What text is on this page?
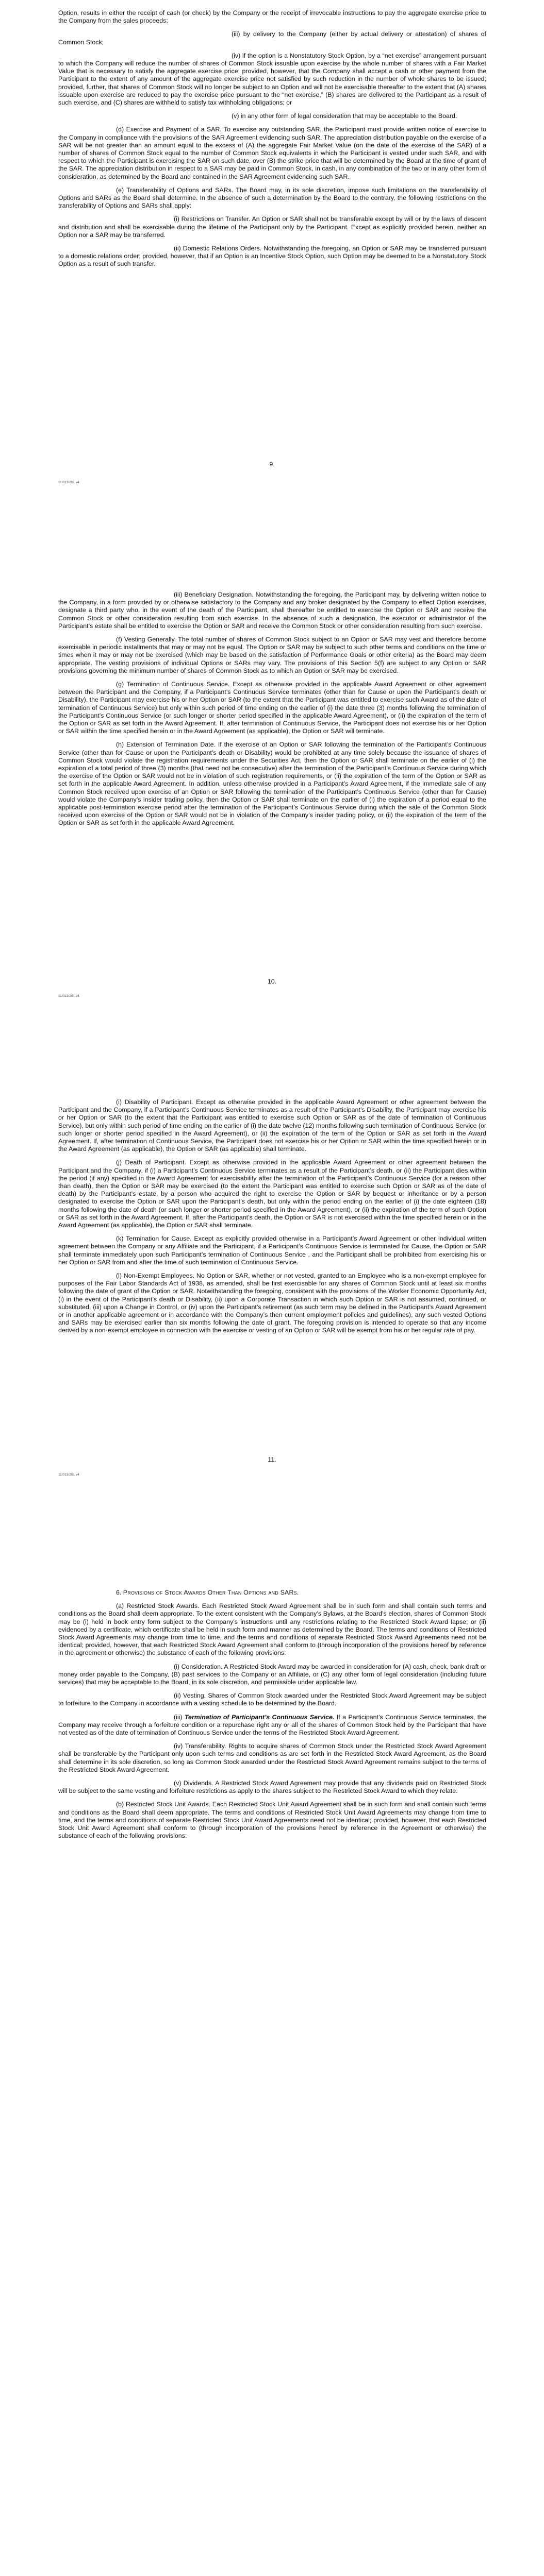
Option, results in either the receipt of cash (or check) by the Company or the receipt of irrevocable instructions to pay the aggregate exercise price to the Company from the sales proceeds;

(iii) by delivery to the Company (either by actual delivery or attestation) of shares of Common Stock;

(iv) if the option is a Nonstatutory Stock Option, by a “net exercise” arrangement pursuant to which the Company will reduce the number of shares of Common Stock issuable upon exercise by the whole number of shares with a Fair Market Value that is necessary to satisfy the aggregate exercise price; provided, however, that the Company shall accept a cash or other payment from the Participant to the extent of any amount of the aggregate exercise price not satisfied by such reduction in the number of whole shares to be issued; provided, further, that shares of Common Stock will no longer be subject to an Option and will not be exercisable thereafter to the extent that (A) shares issuable upon exercise are reduced to pay the exercise price pursuant to the “net exercise,” (B) shares are delivered to the Participant as a result of such exercise, and (C) shares are withheld to satisfy tax withholding obligations; or

(v) in any other form of legal consideration that may be acceptable to the Board.

(d) Exercise and Payment of a SAR. To exercise any outstanding SAR, the Participant must provide written notice of exercise to the Company in compliance with the provisions of the SAR Agreement evidencing such SAR. The appreciation distribution payable on the exercise of a SAR will be not greater than an amount equal to the excess of (A) the aggregate Fair Market Value (on the date of the exercise of the SAR) of a number of shares of Common Stock equal to the number of Common Stock equivalents in which the Participant is vested under such SAR, and with respect to which the Participant is exercising the SAR on such date, over (B) the strike price that will be determined by the Board at the time of grant of the SAR. The appreciation distribution in respect to a SAR may be paid in Common Stock, in cash, in any combination of the two or in any other form of consideration, as determined by the Board and contained in the SAR Agreement evidencing such SAR.

(e) Transferability of Options and SARs. The Board may, in its sole discretion, impose such limitations on the transferability of Options and SARs as the Board shall determine. In the absence of such a determination by the Board to the contrary, the following restrictions on the transferability of Options and SARs shall apply:

(i) Restrictions on Transfer. An Option or SAR shall not be transferable except by will or by the laws of descent and distribution and shall be exercisable during the lifetime of the Participant only by the Participant. Except as explicitly provided herein, neither an Option nor a SAR may be transferred.

(ii) Domestic Relations Orders. Notwithstanding the foregoing, an Option or SAR may be transferred pursuant to a domestic relations order; provided, however, that if an Option is an Incentive Stock Option, such Option may be deemed to be a Nonstatutory Stock Option as a result of such transfer.

9.
11/013/201 v4

(iii) Beneficiary Designation. Notwithstanding the foregoing, the Participant may, by delivering written notice to the Company, in a form provided by or otherwise satisfactory to the Company and any broker designated by the Company to effect Option exercises, designate a third party who, in the event of the death of the Participant, shall thereafter be entitled to exercise the Option or SAR and receive the Common Stock or other consideration resulting from such exercise. In the absence of such a designation, the executor or administrator of the Participant’s estate shall be entitled to exercise the Option or SAR and receive the Common Stock or other consideration resulting from such exercise.

(f) Vesting Generally. The total number of shares of Common Stock subject to an Option or SAR may vest and therefore become exercisable in periodic installments that may or may not be equal. The Option or SAR may be subject to such other terms and conditions on the time or times when it may or may not be exercised (which may be based on the satisfaction of Performance Goals or other criteria) as the Board may deem appropriate. The vesting provisions of individual Options or SARs may vary. The provisions of this Section 5(f) are subject to any Option or SAR provisions governing the minimum number of shares of Common Stock as to which an Option or SAR may be exercised.

(g) Termination of Continuous Service. Except as otherwise provided in the applicable Award Agreement or other agreement between the Participant and the Company, if a Participant’s Continuous Service terminates (other than for Cause or upon the Participant’s death or Disability), the Participant may exercise his or her Option or SAR (to the extent that the Participant was entitled to exercise such Award as of the date of termination of Continuous Service) but only within such period of time ending on the earlier of (i) the date three (3) months following the termination of the Participant’s Continuous Service (or such longer or shorter period specified in the applicable Award Agreement), or (ii) the expiration of the term of the Option or SAR as set forth in the Award Agreement. If, after termination of Continuous Service, the Participant does not exercise his or her Option or SAR within the time specified herein or in the Award Agreement (as applicable), the Option or SAR will terminate.

(h) Extension of Termination Date. If the exercise of an Option or SAR following the termination of the Participant’s Continuous Service (other than for Cause or upon the Participant’s death or Disability) would be prohibited at any time solely because the issuance of shares of Common Stock would violate the registration requirements under the Securities Act, then the Option or SAR shall terminate on the earlier of (i) the expiration of a total period of three (3) months (that need not be consecutive) after the termination of the Participant’s Continuous Service during which the exercise of the Option or SAR would not be in violation of such registration requirements, or (ii) the expiration of the term of the Option or SAR as set forth in the applicable Award Agreement. In addition, unless otherwise provided in a Participant’s Award Agreement, if the immediate sale of any Common Stock received upon exercise of an Option or SAR following the termination of the Participant’s Continuous Service (other than for Cause) would violate the Company’s insider trading policy, then the Option or SAR shall terminate on the earlier of (i) the expiration of a period equal to the applicable post-termination exercise period after the termination of the Participant’s Continuous Service during which the sale of the Common Stock received upon exercise of the Option or SAR would not be in violation of the Company’s insider trading policy, or (ii) the expiration of the term of the Option or SAR as set forth in the applicable Award Agreement.

10.
11/013/201 v4

(i) Disability of Participant. Except as otherwise provided in the applicable Award Agreement or other agreement between the Participant and the Company, if a Participant’s Continuous Service terminates as a result of the Participant’s Disability, the Participant may exercise his or her Option or SAR (to the extent that the Participant was entitled to exercise such Option or SAR as of the date of termination of Continuous Service), but only within such period of time ending on the earlier of (i) the date twelve (12) months following such termination of Continuous Service (or such longer or shorter period specified in the Award Agreement), or (ii) the expiration of the term of the Option or SAR as set forth in the Award Agreement. If, after termination of Continuous Service, the Participant does not exercise his or her Option or SAR within the time specified herein or in the Award Agreement (as applicable), the Option or SAR (as applicable) shall terminate.

(j) Death of Participant. Except as otherwise provided in the applicable Award Agreement or other agreement between the Participant and the Company, if (i) a Participant’s Continuous Service terminates as a result of the Participant’s death, or (ii) the Participant dies within the period (if any) specified in the Award Agreement for exercisability after the termination of the Participant’s Continuous Service (for a reason other than death), then the Option or SAR may be exercised (to the extent the Participant was entitled to exercise such Option or SAR as of the date of death) by the Participant’s estate, by a person who acquired the right to exercise the Option or SAR by bequest or inheritance or by a person designated to exercise the Option or SAR upon the Participant’s death, but only within the period ending on the earlier of (i) the date eighteen (18) months following the date of death (or such longer or shorter period specified in the Award Agreement), or (ii) the expiration of the term of such Option or SAR as set forth in the Award Agreement. If, after the Participant’s death, the Option or SAR is not exercised within the time specified herein or in the Award Agreement (as applicable), the Option or SAR shall terminate.

(k) Termination for Cause. Except as explicitly provided otherwise in a Participant’s Award Agreement or other individual written agreement between the Company or any Affiliate and the Participant, if a Participant’s Continuous Service is terminated for Cause, the Option or SAR shall terminate immediately upon such Participant’s termination of Continuous Service , and the Participant shall be prohibited from exercising his or her Option or SAR from and after the time of such termination of Continuous Service.

(l) Non-Exempt Employees. No Option or SAR, whether or not vested, granted to an Employee who is a non-exempt employee for purposes of the Fair Labor Standards Act of 1938, as amended, shall be first exercisable for any shares of Common Stock until at least six months following the date of grant of the Option or SAR. Notwithstanding the foregoing, consistent with the provisions of the Worker Economic Opportunity Act, (i) in the event of the Participant’s death or Disability, (ii) upon a Corporate Transaction in which such Option or SAR is not assumed, continued, or substituted, (iii) upon a Change in Control, or (iv) upon the Participant’s retirement (as such term may be defined in the Participant’s Award Agreement or in another applicable agreement or in accordance with the Company’s then current employment policies and guidelines), any such vested Options and SARs may be exercised earlier than six months following the date of grant. The foregoing provision is intended to operate so that any income derived by a non-exempt employee in connection with the exercise or vesting of an Option or SAR will be exempt from his or her regular rate of pay.

11.
11/013/201 v4

6. Provisions of Stock Awards Other Than Options and SARs.

(a) Restricted Stock Awards. Each Restricted Stock Award Agreement shall be in such form and shall contain such terms and conditions as the Board shall deem appropriate. To the extent consistent with the Company’s Bylaws, at the Board’s election, shares of Common Stock may be (i) held in book entry form subject to the Company’s instructions until any restrictions relating to the Restricted Stock Award lapse; or (ii) evidenced by a certificate, which certificate shall be held in such form and manner as determined by the Board. The terms and conditions of Restricted Stock Award Agreements may change from time to time, and the terms and conditions of separate Restricted Stock Award Agreements need not be identical; provided, however, that each Restricted Stock Award Agreement shall conform to (through incorporation of the provisions hereof by reference in the agreement or otherwise) the substance of each of the following provisions:

(i) Consideration. A Restricted Stock Award may be awarded in consideration for (A) cash, check, bank draft or money order payable to the Company, (B) past services to the Company or an Affiliate, or (C) any other form of legal consideration (including future services) that may be acceptable to the Board, in its sole discretion, and permissible under applicable law.

(ii) Vesting. Shares of Common Stock awarded under the Restricted Stock Award Agreement may be subject to forfeiture to the Company in accordance with a vesting schedule to be determined by the Board.

(iii) Termination of Participant’s Continuous Service. If a Participant’s Continuous Service terminates, the Company may receive through a forfeiture condition or a repurchase right any or all of the shares of Common Stock held by the Participant that have not vested as of the date of termination of Continuous Service under the terms of the Restricted Stock Award Agreement.

(iv) Transferability. Rights to acquire shares of Common Stock under the Restricted Stock Award Agreement shall be transferable by the Participant only upon such terms and conditions as are set forth in the Restricted Stock Award Agreement, as the Board shall determine in its sole discretion, so long as Common Stock awarded under the Restricted Stock Award Agreement remains subject to the terms of the Restricted Stock Award Agreement.

(v) Dividends. A Restricted Stock Award Agreement may provide that any dividends paid on Restricted Stock will be subject to the same vesting and forfeiture restrictions as apply to the shares subject to the Restricted Stock Award to which they relate.

(b) Restricted Stock Unit Awards. Each Restricted Stock Unit Award Agreement shall be in such form and shall contain such terms and conditions as the Board shall deem appropriate. The terms and conditions of Restricted Stock Unit Award Agreements may change from time to time, and the terms and conditions of separate Restricted Stock Unit Award Agreements need not be identical; provided, however, that each Restricted Stock Unit Award Agreement shall conform to (through incorporation of the provisions hereof by reference in the Agreement or otherwise) the substance of each of the following provisions:
